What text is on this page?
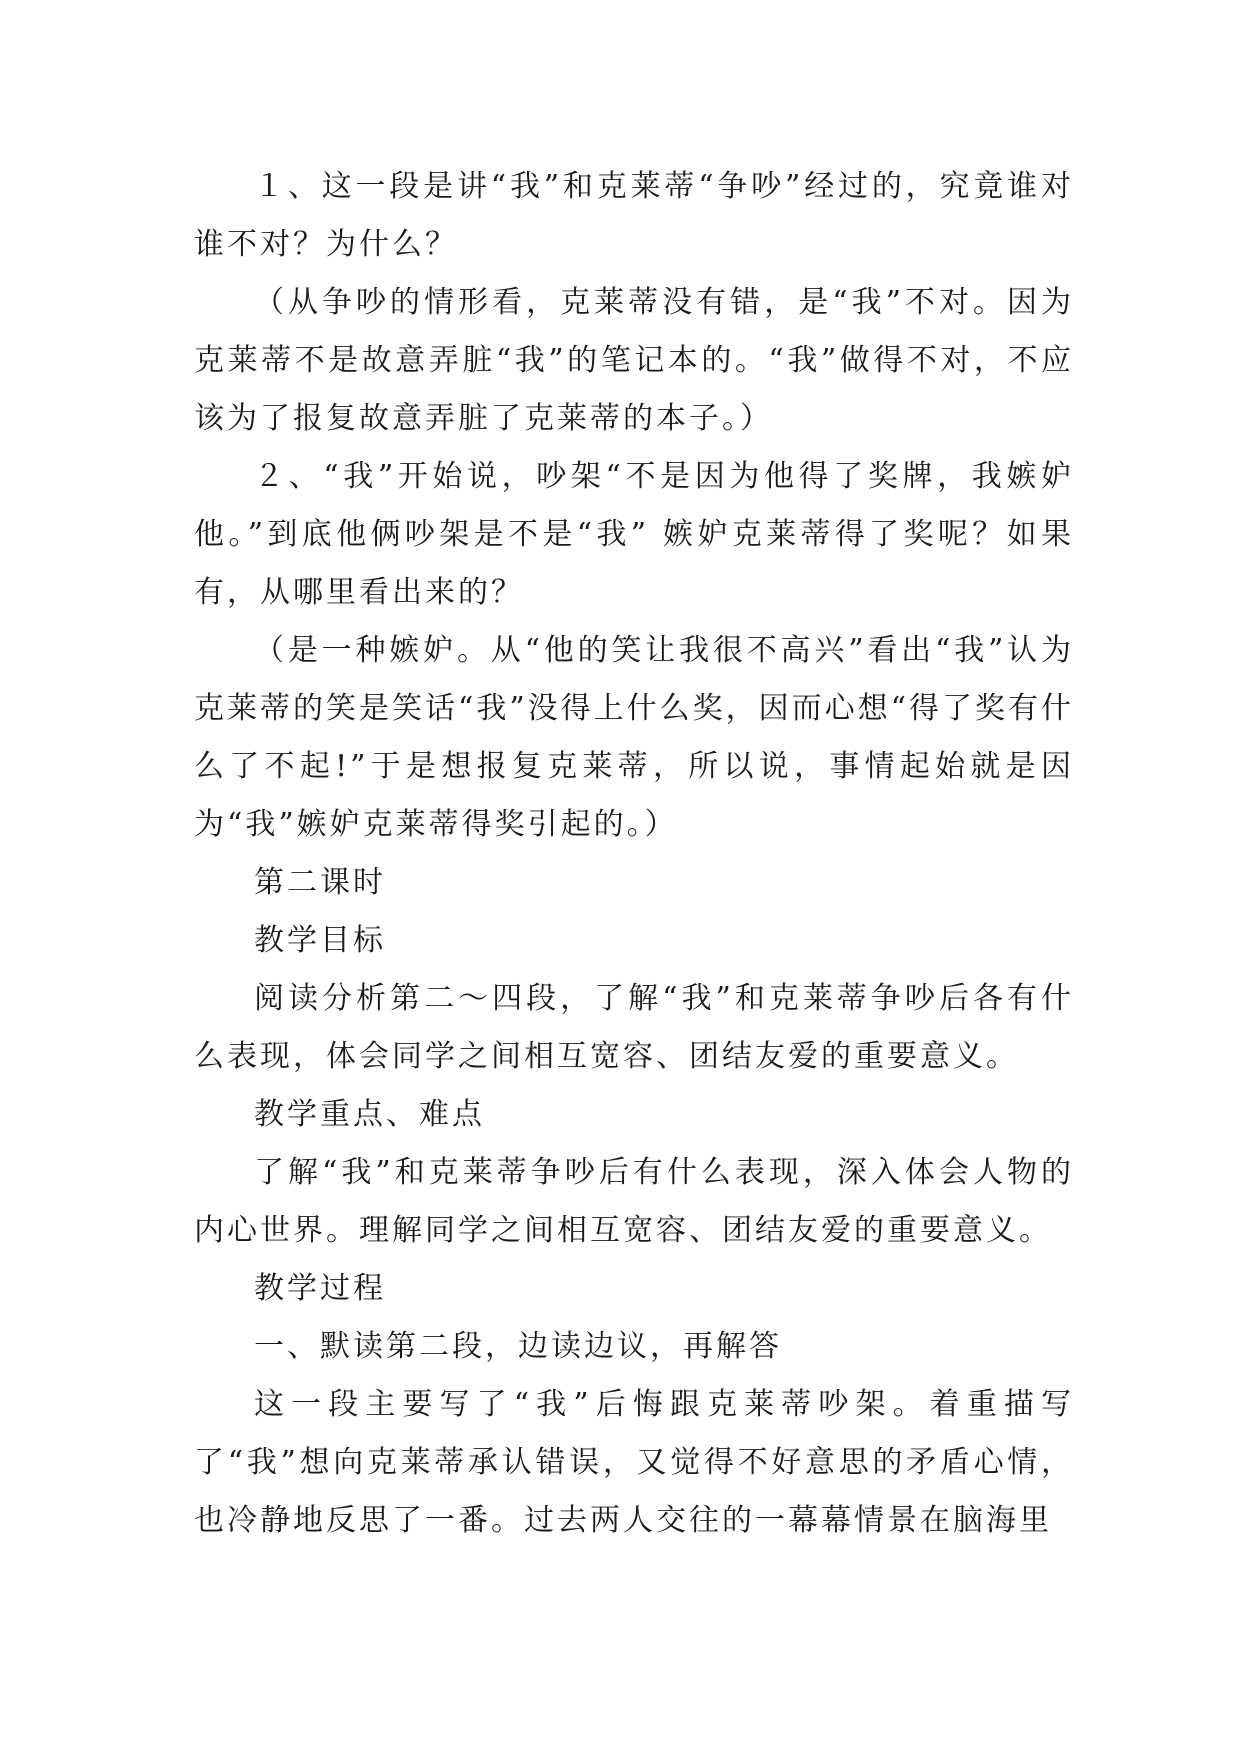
１、这一段是讲“我”和克莱蒂“争吵”经过的，究竟谁对谁不对？为什么？

（从争吵的情形看，克莱蒂没有错，是“我”不对。因为克莱蒂不是故意弄脏“我”的笔记本的。“我”做得不对，不应该为了报复故意弄脏了克莱蒂的本子。）

２、“我”开始说，吵架“不是因为他得了奖牌，我嫉妒他。”到底他俩吵架是不是“我” 嫉妒克莱蒂得了奖呢？如果有，从哪里看出来的？

（是一种嫉妒。从“他的笑让我很不高兴”看出“我”认为克莱蒂的笑是笑话“我”没得上什么奖，因而心想“得了奖有什么了不起!”于是想报复克莱蒂，所以说，事情起始就是因为“我”嫉妒克莱蒂得奖引起的。）

第二课时

教学目标

阅读分析第二～四段，了解“我”和克莱蒂争吵后各有什么表现，体会同学之间相互宽容、团结友爱的重要意义。

教学重点、难点

了解“我”和克莱蒂争吵后有什么表现，深入体会人物的内心世界。理解同学之间相互宽容、团结友爱的重要意义。

教学过程

一、默读第二段，边读边议，再解答

这一段主要写了“我”后悔跟克莱蒂吵架。着重描写了“我”想向克莱蒂承认错误，又觉得不好意思的矛盾心情，也冷静地反思了一番。过去两人交往的一幕幕情景在脑海里
